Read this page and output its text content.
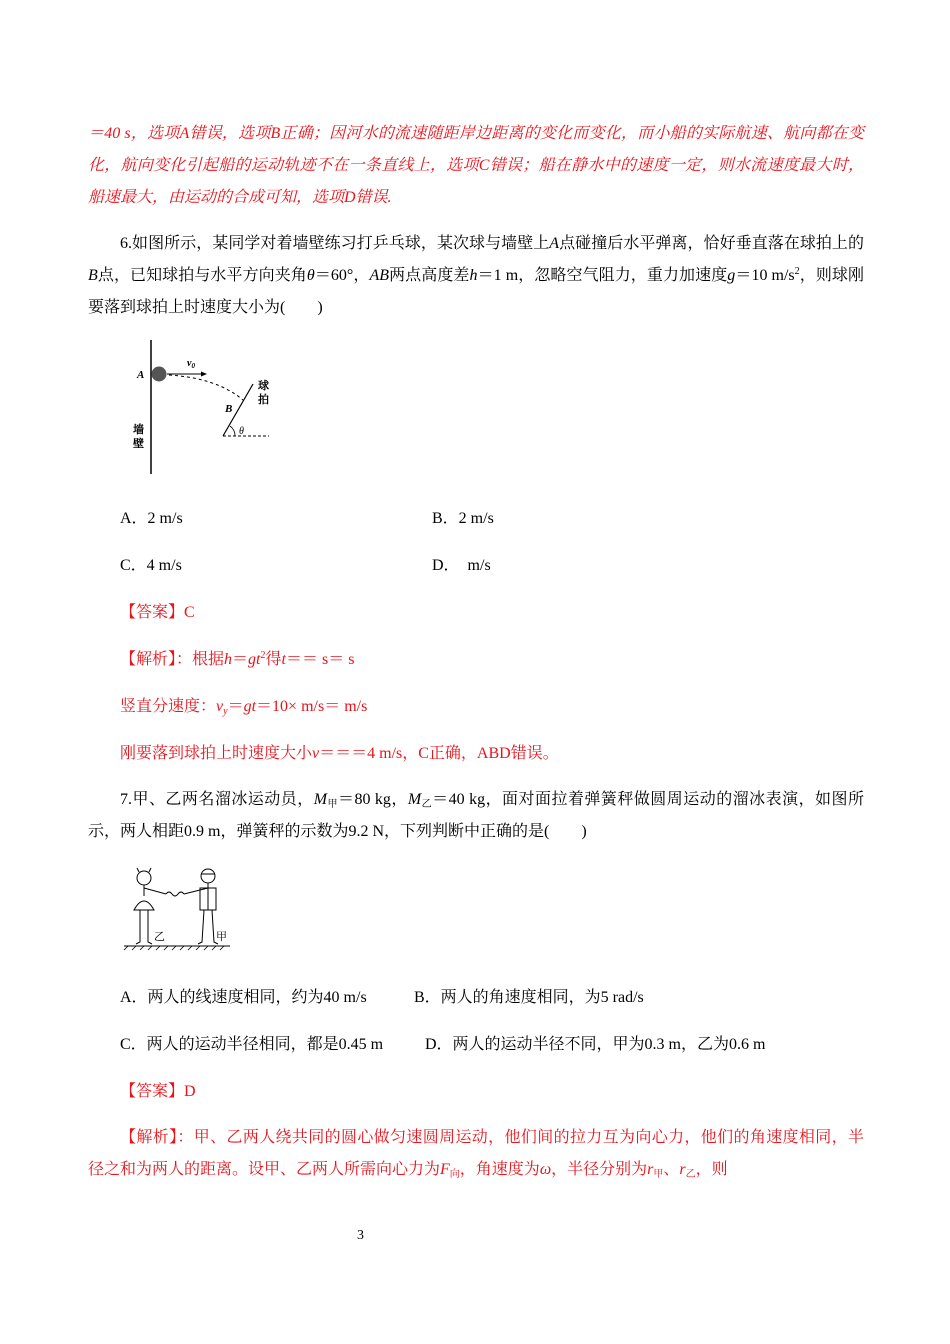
＝40 s，选项A错误，选项B正确；因河水的流速随距岸边距离的变化而变化，而小船的实际航速、航向都在变化，航向变化引起船的运动轨迹不在一条直线上，选项C错误；船在静水中的速度一定，则水流速度最大时，船速最大，由运动的合成可知，选项D错误.
6.如图所示，某同学对着墙壁练习打乒乓球，某次球与墙壁上A点碰撞后水平弹离，恰好垂直落在球拍上的B点，已知球拍与水平方向夹角θ＝60°，AB两点高度差h＝1 m，忽略空气阻力，重力加速度g＝10 $m/s^2$，则球刚要落到球拍上时速度大小为(　　)
A
$v_0$
B
θ
墙
壁
球
拍
A．2 m/s	B．2 m/s
C．4 m/s	D．　m/s
【答案】C
【解析】：根据$h=gt^2$得t＝＝ s＝ s
竖直分速度：$v_y=gt=10\times m/s= m/s$
刚要落到球拍上时速度大小v＝＝＝4 m/s，C正确，ABD错误。
7.甲、乙两名溜冰运动员，$M_甲=80$ kg，$M_乙=40$ kg，面对面拉着弹簧秤做圆周运动的溜冰表演，如图所示，两人相距0.9 m，弹簧秤的示数为9.2 N，下列判断中正确的是(　　)
乙	甲
A．两人的线速度相同，约为40 m/s	B．两人的角速度相同，为5 rad/s
C．两人的运动半径相同，都是0.45 m	D．两人的运动半径不同，甲为0.3 m，乙为0.6 m
【答案】D
【解析】：甲、乙两人绕共同的圆心做匀速圆周运动，他们间的拉力互为向心力，他们的角速度相同，半径之和为两人的距离。设甲、乙两人所需向心力为$F_向$，角速度为ω，半径分别为$r_甲$、$r_乙$，则
3
